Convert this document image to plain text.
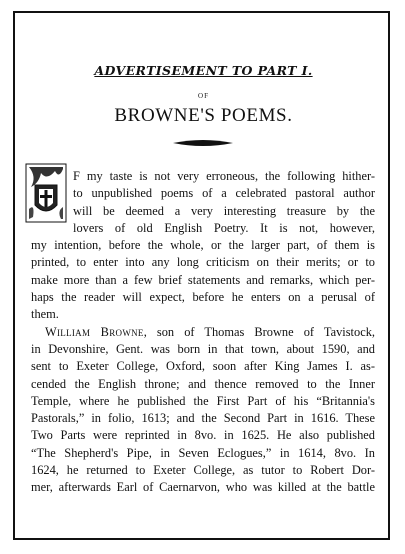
ADVERTISEMENT TO PART I.
OF
BROWNE'S POEMS.
F my taste is not very erroneous, the following hither-
to unpublished poems of a celebrated pastoral author
will be deemed a very interesting treasure by the
lovers of old English Poetry. It is not, however,
my intention, before the whole, or the larger part, of them is
printed, to enter into any long criticism on their merits; or to
make more than a few brief statements and remarks, which per-
haps the reader will expect, before he enters on a perusal of
them.
William Browne, son of Thomas Browne of Tavistock,
in Devonshire, Gent. was born in that town, about 1590, and
sent to Exeter College, Oxford, soon after King James I. as-
cended the English throne; and thence removed to the Inner
Temple, where he published the First Part of his “Britannia's
Pastorals,” in folio, 1613; and the Second Part in 1616. These
Two Parts were reprinted in 8vo. in 1625. He also published
“The Shepherd's Pipe, in Seven Eclogues,” in 1614, 8vo. In
1624, he returned to Exeter College, as tutor to Robert Dor-
mer, afterwards Earl of Caernarvon, who was killed at the battle
